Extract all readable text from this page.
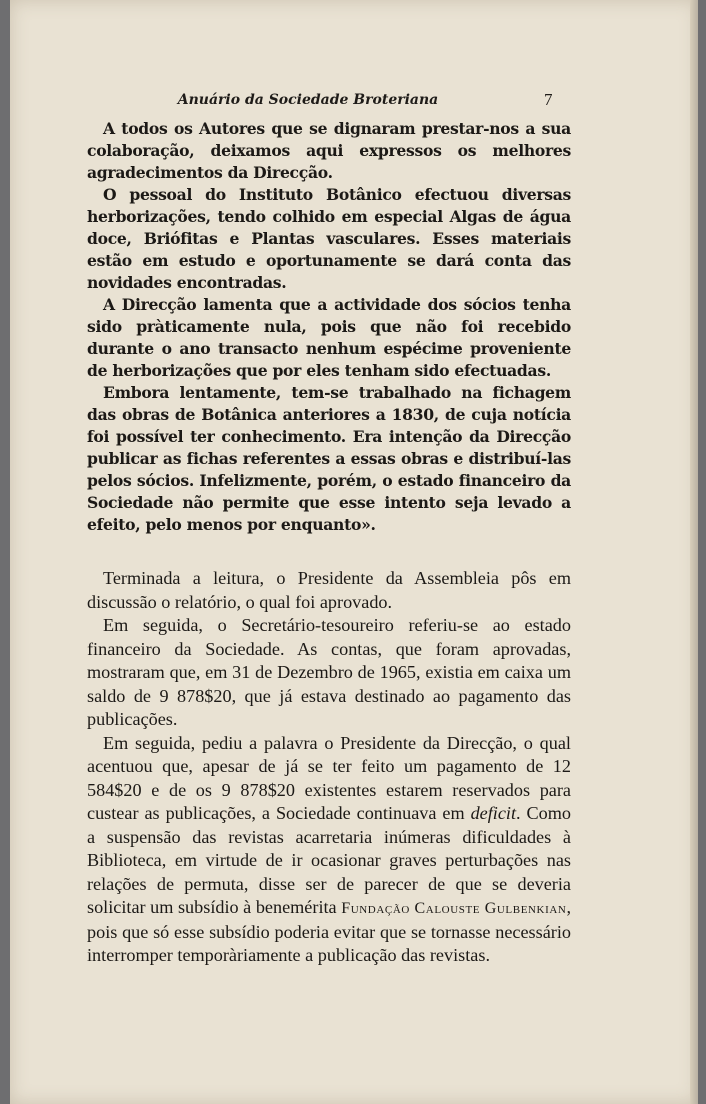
Anuário da Sociedade Broteriana	7

A todos os Autores que se dignaram prestar-nos a sua colaboração, deixamos aqui expressos os melhores agradecimentos da Direcção.

O pessoal do Instituto Botânico efectuou diversas herborizações, tendo colhido em especial Algas de água doce, Briófitas e Plantas vasculares. Esses materiais estão em estudo e oportunamente se dará conta das novidades encontradas.

A Direcção lamenta que a actividade dos sócios tenha sido pràticamente nula, pois que não foi recebido durante o ano transacto nenhum espécime proveniente de herborizações que por eles tenham sido efectuadas.

Embora lentamente, tem-se trabalhado na fichagem das obras de Botânica anteriores a 1830, de cuja notícia foi possível ter conhecimento. Era intenção da Direcção publicar as fichas referentes a essas obras e distribuí-las pelos sócios. Infelizmente, porém, o estado financeiro da Sociedade não permite que esse intento seja levado a efeito, pelo menos por enquanto».

Terminada a leitura, o Presidente da Assembleia pôs em discussão o relatório, o qual foi aprovado.

Em seguida, o Secretário-tesoureiro referiu-se ao estado financeiro da Sociedade. As contas, que foram aprovadas, mostraram que, em 31 de Dezembro de 1965, existia em caixa um saldo de 9 878$20, que já estava destinado ao pagamento das publicações.

Em seguida, pediu a palavra o Presidente da Direcção, o qual acentuou que, apesar de já se ter feito um pagamento de 12 584$20 e de os 9 878$20 existentes estarem reservados para custear as publicações, a Sociedade continuava em deficit. Como a suspensão das revistas acarretaria inúmeras dificuldades à Biblioteca, em virtude de ir ocasionar graves perturbações nas relações de permuta, disse ser de parecer de que se deveria solicitar um subsídio à benemérita Fundação Calouste Gulbenkian, pois que só esse subsídio poderia evitar que se tornasse necessário interromper temporàriamente a publicação das revistas.
